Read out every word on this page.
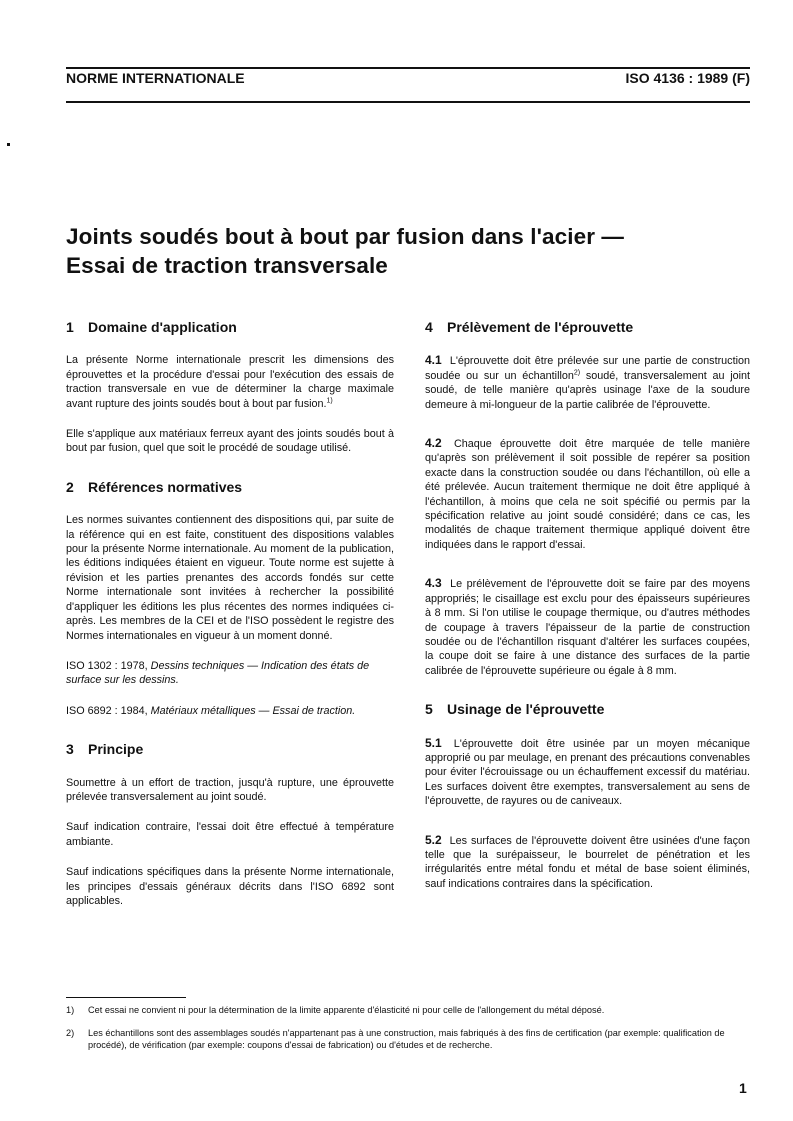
NORME INTERNATIONALE	ISO 4136 : 1989 (F)
Joints soudés bout à bout par fusion dans l'acier —
Essai de traction transversale
1 Domaine d'application

La présente Norme internationale prescrit les dimensions des éprouvettes et la procédure d'essai pour l'exécution des essais de traction transversale en vue de déterminer la charge maximale avant rupture des joints soudés bout à bout par fusion.$^{1)}$

Elle s'applique aux matériaux ferreux ayant des joints soudés bout à bout par fusion, quel que soit le procédé de soudage utilisé.

2 Références normatives

Les normes suivantes contiennent des dispositions qui, par suite de la référence qui en est faite, constituent des dispositions valables pour la présente Norme internationale. Au moment de la publication, les éditions indiquées étaient en vigueur. Toute norme est sujette à révision et les parties prenantes des accords fondés sur cette Norme internationale sont invitées à rechercher la possibilité d'appliquer les éditions les plus récentes des normes indiquées ci-après. Les membres de la CEI et de l'ISO possèdent le registre des Normes internationales en vigueur à un moment donné.

ISO 1302 : 1978, Dessins techniques — Indication des états de surface sur les dessins.
ISO 6892 : 1984, Matériaux métalliques — Essai de traction.
3 Principe

Soumettre à un effort de traction, jusqu'à rupture, une éprouvette prélevée transversalement au joint soudé.

Sauf indication contraire, l'essai doit être effectué à température ambiante.

Sauf indications spécifiques dans la présente Norme internationale, les principes d'essais généraux décrits dans l'ISO 6892 sont applicables.

4 Prélèvement de l'éprouvette

4.1 L'éprouvette doit être prélevée sur une partie de construction soudée ou sur un échantillon$^{2)}$ soudé, transversalement au joint soudé, de telle manière qu'après usinage l'axe de la soudure demeure à mi-longueur de la partie calibrée de l'éprouvette.

4.2 Chaque éprouvette doit être marquée de telle manière qu'après son prélèvement il soit possible de repérer sa position exacte dans la construction soudée ou dans l'échantillon, où elle a été prélevée. Aucun traitement thermique ne doit être appliqué à l'échantillon, à moins que cela ne soit spécifié ou permis par la spécification relative au joint soudé considéré; dans ce cas, les modalités de chaque traitement thermique appliqué doivent être indiquées dans le rapport d'essai.

4.3 Le prélèvement de l'éprouvette doit se faire par des moyens appropriés; le cisaillage est exclu pour des épaisseurs supérieures à 8 mm. Si l'on utilise le coupage thermique, ou d'autres méthodes de coupage à travers l'épaisseur de la partie de construction soudée ou de l'échantillon risquant d'altérer les surfaces coupées, la coupe doit se faire à une distance des surfaces de la partie calibrée de l'éprouvette supérieure ou égale à 8 mm.

5 Usinage de l'éprouvette

5.1 L'éprouvette doit être usinée par un moyen mécanique approprié ou par meulage, en prenant des précautions convenables pour éviter l'écrouissage ou un échauffement excessif du matériau. Les surfaces doivent être exemptes, transversalement au sens de l'éprouvette, de rayures ou de caniveaux.

5.2 Les surfaces de l'éprouvette doivent être usinées d'une façon telle que la surépaisseur, le bourrelet de pénétration et les irrégularités entre métal fondu et métal de base soient éliminés, sauf indications contraires dans la spécification.

1)	Cet essai ne convient ni pour la détermination de la limite apparente d'élasticité ni pour celle de l'allongement du métal déposé.
2)	Les échantillons sont des assemblages soudés n'appartenant pas à une construction, mais fabriqués à des fins de certification (par exemple: qualification de procédé), de vérification (par exemple: coupons d'essai de fabrication) ou d'études et de recherche.
1
